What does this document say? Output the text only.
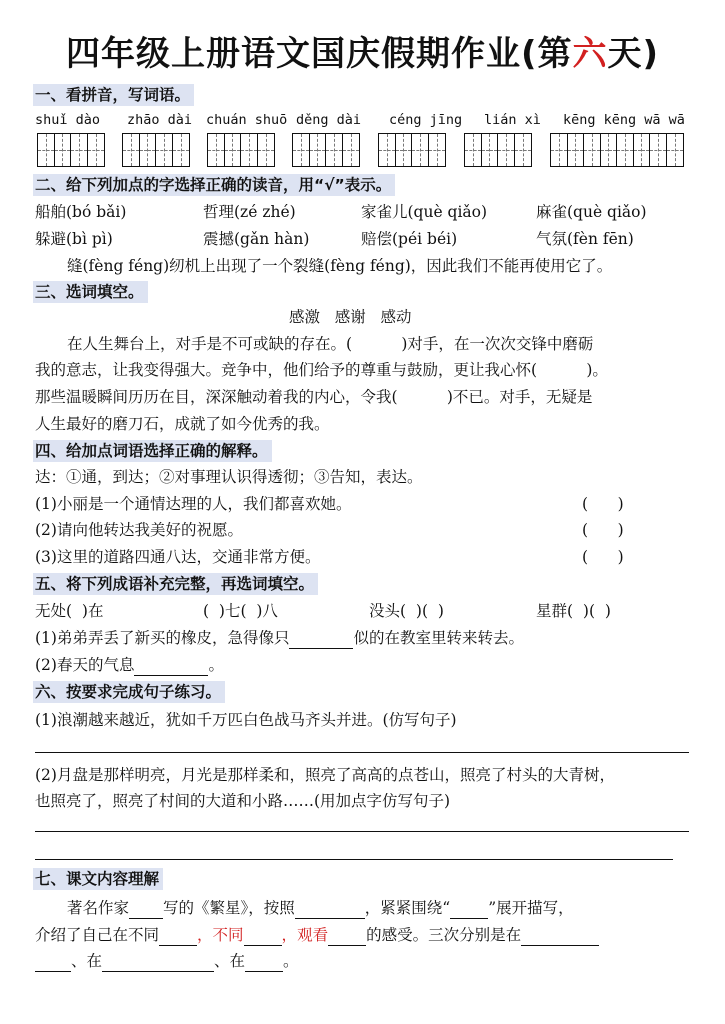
四年级上册语文国庆假期作业(第六天)
一、看拼音，写词语。
shuǐ dào zhāo dài chuán shuō děng dài céng jīng lián xì kēng kēng wā wā
二、给下列加点的字选择正确的读音，用“√”表示。
船舶(bó bǎi)	哲理(zé zhé)	家雀儿(què qiǎo)	麻雀(què qiǎo)
躲避(bì pì)	震撼(gǎn hàn)	赔偿(péi béi)	气氛(fèn fēn)
缝(fèng féng)纫机上出现了一个裂缝(fèng féng)，因此我们不能再使用它了。
三、选词填空。
感激   感谢   感动
在人生舞台上，对手是不可或缺的存在。(          )对手，在一次次交锋中磨砺
我的意志，让我变得强大。竞争中，他们给予的尊重与鼓励，更让我心怀(          )。
那些温暖瞬间历历在目，深深触动着我的内心，令我(          )不已。对手，无疑是
人生最好的磨刀石，成就了如今优秀的我。
四、给加点词语选择正确的解释。
达：①通，到达；②对事理认识得透彻；③告知，表达。
(1)小丽是一个通情达理的人，我们都喜欢她。	(      )
(2)请向他转达我美好的祝愿。	(      )
(3)这里的道路四通八达，交通非常方便。	(      )
五、将下列成语补充完整，再选词填空。
无处(  )在	(  )七(  )八	没头(  )(  )	星群(  )(  )
(1)弟弟弄丢了新买的橡皮，急得像只	似的在教室里转来转去。
(2)春天的气息	。
六、按要求完成句子练习。
(1)浪潮越来越近，犹如千万匹白色战马齐头并进。(仿写句子)
(2)月盘是那样明亮，月光是那样柔和，照亮了高高的点苍山，照亮了村头的大青树，
也照亮了，照亮了村间的大道和小路……(用加点字仿写句子)
七、课文内容理解
著名作家 写的《繁星》，按照	，紧紧围绕“ ”展开描写，
介绍了自己在不同 ，不同 ，观看 的感受。三次分别是在
、在	、在 。
